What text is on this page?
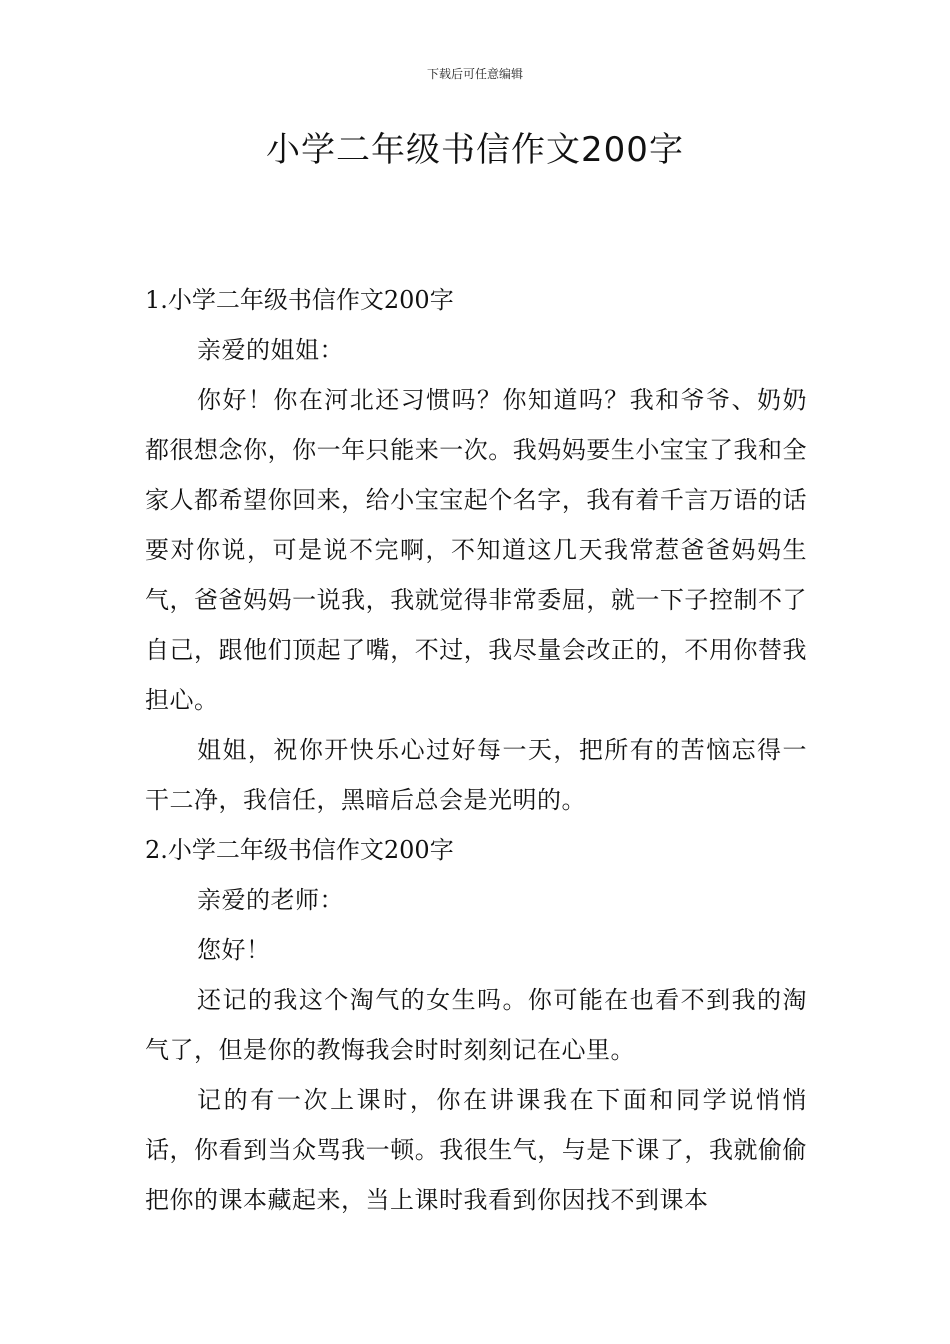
下载后可任意编辑
小学二年级书信作文200字

1.小学二年级书信作文200字

亲爱的姐姐：

你好！你在河北还习惯吗？你知道吗？我和爷爷、奶奶都很想念你，你一年只能来一次。我妈妈要生小宝宝了我和全家人都希望你回来，给小宝宝起个名字，我有着千言万语的话要对你说，可是说不完啊，不知道这几天我常惹爸爸妈妈生气，爸爸妈妈一说我，我就觉得非常委屈，就一下子控制不了自己，跟他们顶起了嘴，不过，我尽量会改正的，不用你替我担心。

姐姐，祝你开快乐心过好每一天，把所有的苦恼忘得一干二净，我信任，黑暗后总会是光明的。

2.小学二年级书信作文200字

亲爱的老师：

您好！

还记的我这个淘气的女生吗。你可能在也看不到我的淘气了，但是你的教悔我会时时刻刻记在心里。

记的有一次上课时，你在讲课我在下面和同学说悄悄话，你看到当众骂我一顿。我很生气，与是下课了，我就偷偷把你的课本藏起来，当上课时我看到你因找不到课本
